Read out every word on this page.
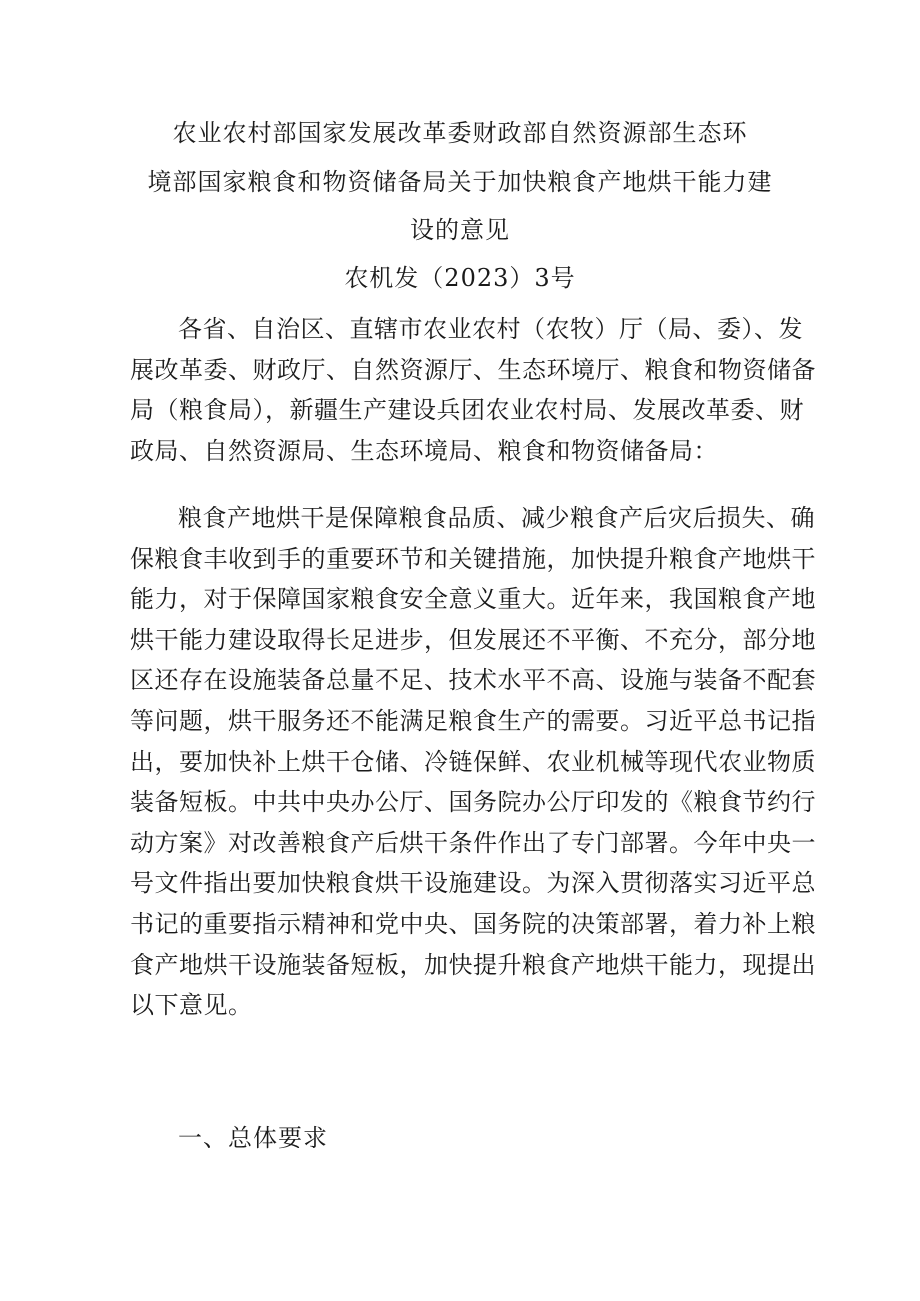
农业农村部国家发展改革委财政部自然资源部生态环
境部国家粮食和物资储备局关于加快粮食产地烘干能力建
设的意见
农机发（2023）3号
各省、自治区、直辖市农业农村（农牧）厅（局、委）、发
展改革委、财政厅、自然资源厅、生态环境厅、粮食和物资储备
局（粮食局），新疆生产建设兵团农业农村局、发展改革委、财
政局、自然资源局、生态环境局、粮食和物资储备局：
粮食产地烘干是保障粮食品质、减少粮食产后灾后损失、确
保粮食丰收到手的重要环节和关键措施，加快提升粮食产地烘干
能力，对于保障国家粮食安全意义重大。近年来，我国粮食产地
烘干能力建设取得长足进步，但发展还不平衡、不充分，部分地
区还存在设施装备总量不足、技术水平不高、设施与装备不配套
等问题，烘干服务还不能满足粮食生产的需要。习近平总书记指
出，要加快补上烘干仓储、冷链保鲜、农业机械等现代农业物质
装备短板。中共中央办公厅、国务院办公厅印发的《粮食节约行
动方案》对改善粮食产后烘干条件作出了专门部署。今年中央一
号文件指出要加快粮食烘干设施建设。为深入贯彻落实习近平总
书记的重要指示精神和党中央、国务院的决策部署，着力补上粮
食产地烘干设施装备短板，加快提升粮食产地烘干能力，现提出
以下意见。
一、总体要求
